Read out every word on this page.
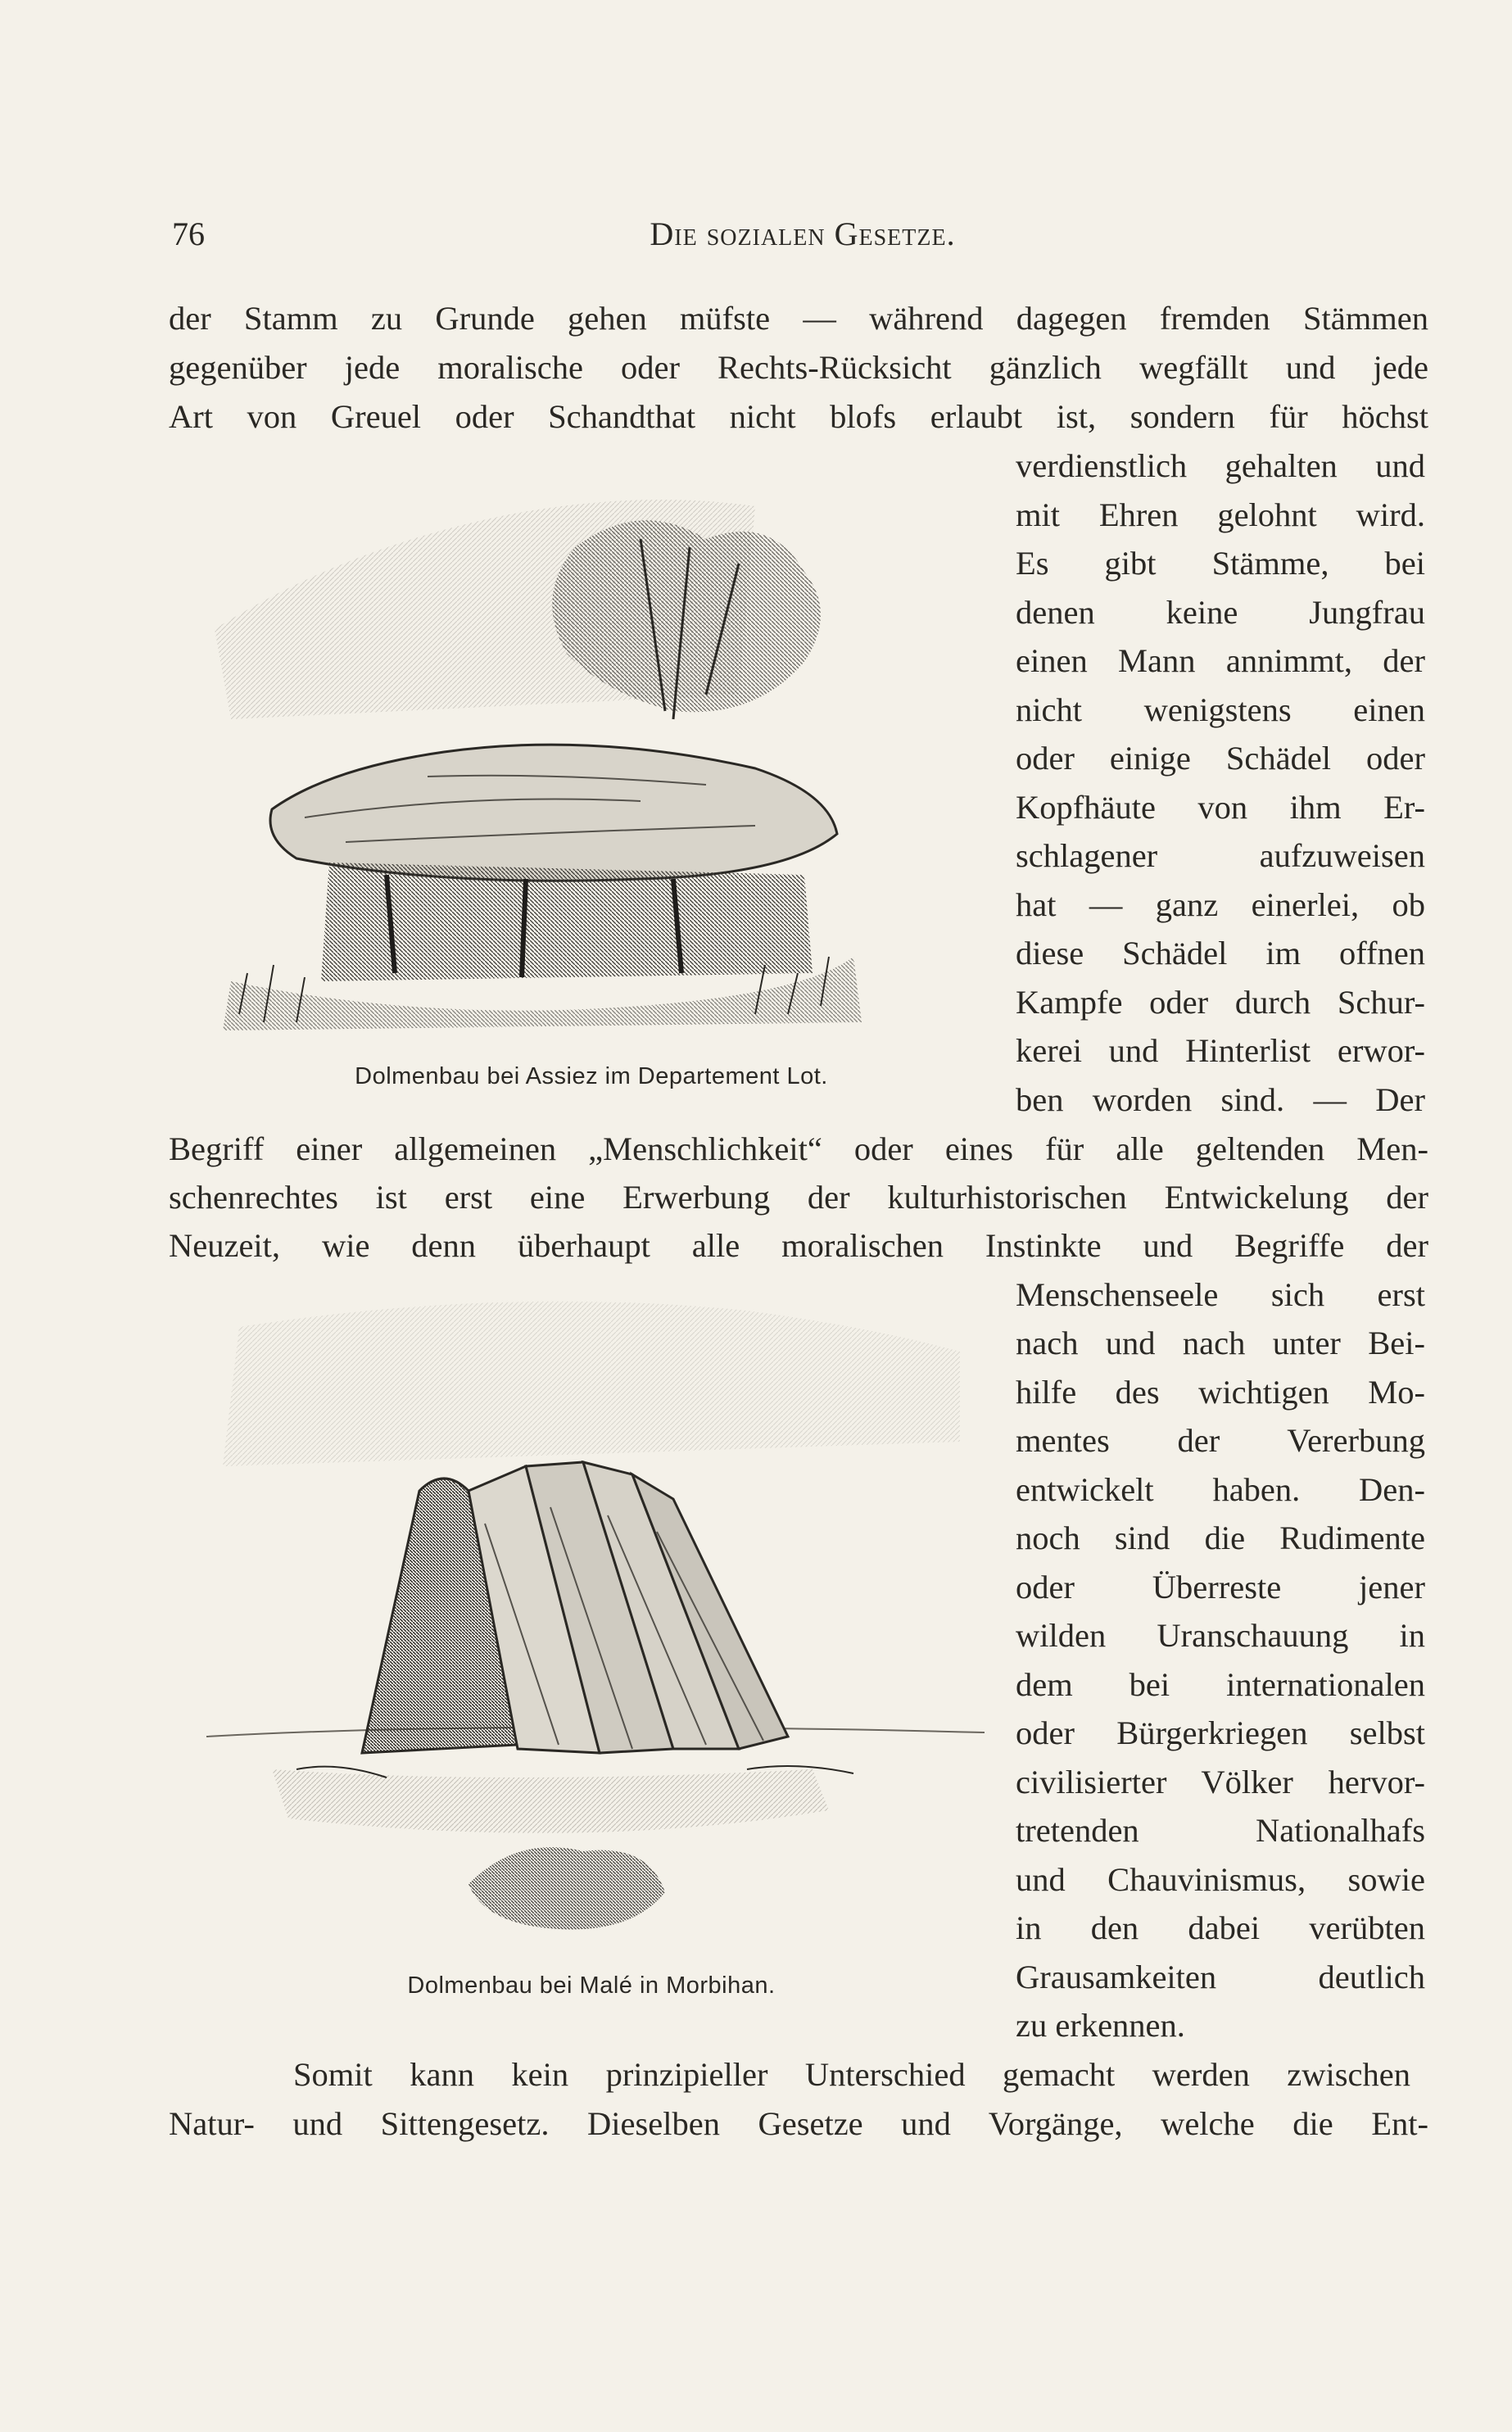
76	Die sozialen Gesetze.
der Stamm zu Grunde gehen müfste — während dagegen fremden Stämmen
gegenüber jede moralische oder Rechts-Rücksicht gänzlich wegfällt und jede
Art von Greuel oder Schandthat nicht blofs erlaubt ist, sondern für höchst
Dolmenbau bei Assiez im Departement Lot.
verdienstlich gehalten und
mit Ehren gelohnt wird.
Es gibt Stämme, bei
denen keine Jungfrau
einen Mann annimmt, der
nicht wenigstens einen
oder einige Schädel oder
Kopfhäute von ihm Er-
schlagener aufzuweisen
hat — ganz einerlei, ob
diese Schädel im offnen
Kampfe oder durch Schur-
kerei und Hinterlist erwor-
ben worden sind. — Der
Begriff einer allgemeinen „Menschlichkeit“ oder eines für alle geltenden Men-
schenrechtes ist erst eine Erwerbung der kulturhistorischen Entwickelung der
Neuzeit, wie denn überhaupt alle moralischen Instinkte und Begriffe der
Dolmenbau bei Malé in Morbihan.
Menschenseele sich erst
nach und nach unter Bei-
hilfe des wichtigen Mo-
mentes der Vererbung
entwickelt haben. Den-
noch sind die Rudimente
oder Überreste jener
wilden Uranschauung in
dem bei internationalen
oder Bürgerkriegen selbst
civilisierter Völker hervor-
tretenden Nationalhafs
und Chauvinismus, sowie
in den dabei verübten
Grausamkeiten deutlich
zu erkennen.
Somit kann kein prinzipieller Unterschied gemacht werden zwischen
Natur- und Sittengesetz. Dieselben Gesetze und Vorgänge, welche die Ent-
